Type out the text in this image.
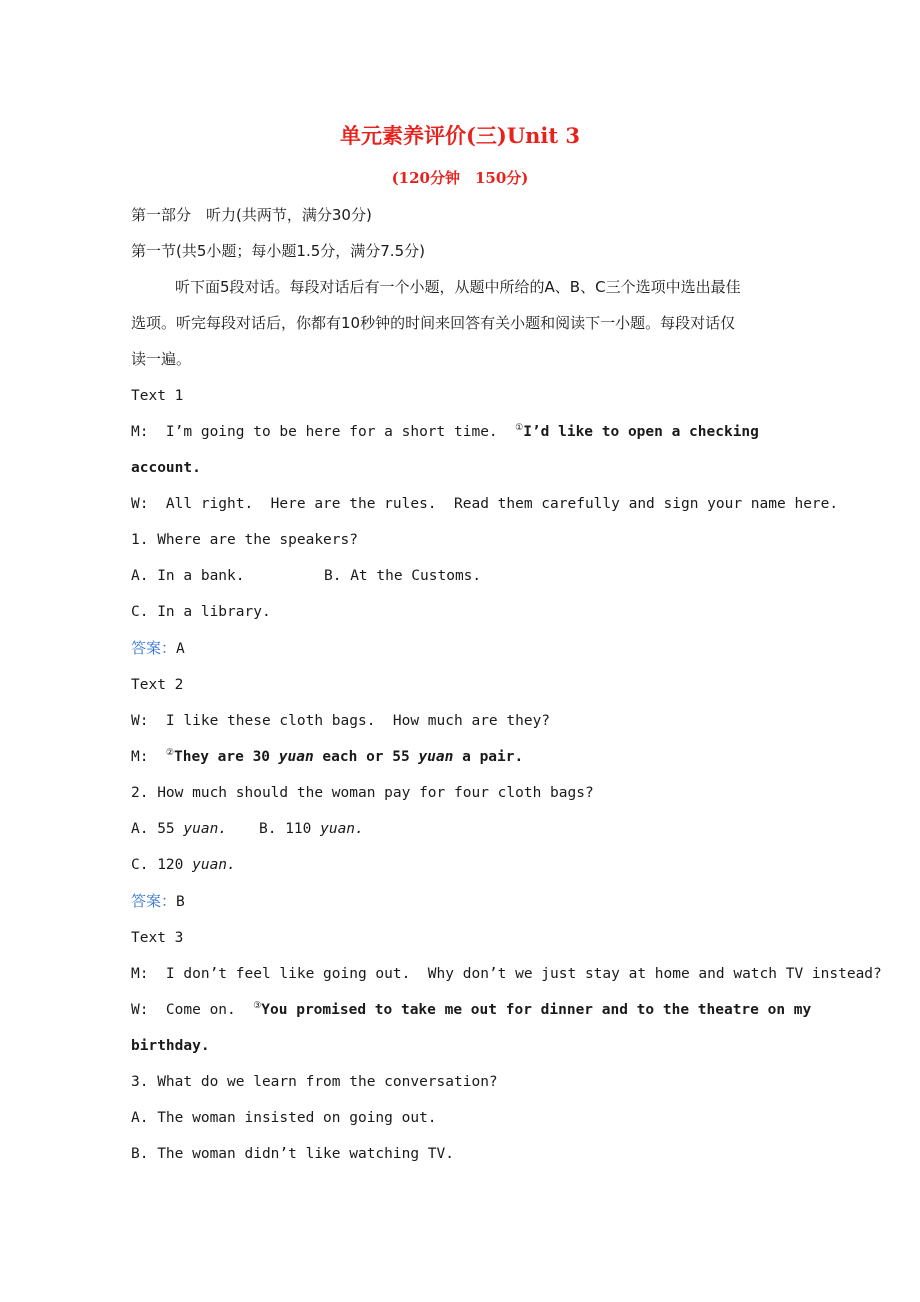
单元素养评价(三)Unit 3
(120分钟　150分)
第一部分　听力(共两节，满分30分)
第一节(共5小题；每小题1.5分，满分7.5分)
听下面5段对话。每段对话后有一个小题，从题中所给的A、B、C三个选项中选出最佳
选项。听完每段对话后，你都有10秒钟的时间来回答有关小题和阅读下一小题。每段对话仅
读一遍。
Text 1
M:  I’m going to be here for a short time.  ①I’d like to open a checking
account.
W:  All right.  Here are the rules.  Read them carefully and sign your name here.
1. Where are the speakers?
A. In a bank.	B. At the Customs.
C. In a library.
答案：A
Text 2
W:  I like these cloth bags.  How much are they?
M:  ②They are 30 yuan each or 55 yuan a pair.
2. How much should the woman pay for four cloth bags?
A. 55 yuan. B. 110 yuan.
C. 120 yuan.
答案：B
Text 3
M:  I don’t feel like going out.  Why don’t we just stay at home and watch TV instead?
W:  Come on.  ③You promised to take me out for dinner and to the theatre on my
birthday.
3. What do we learn from the conversation?
A. The woman insisted on going out.
B. The woman didn’t like watching TV.
